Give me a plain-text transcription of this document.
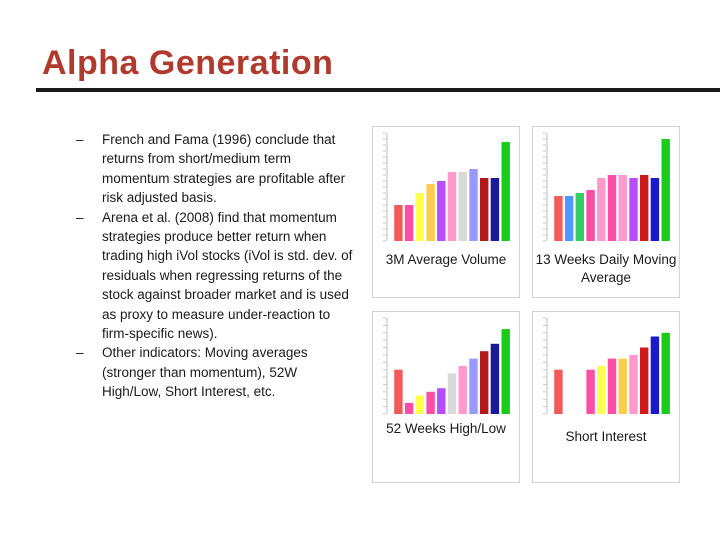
Alpha Generation
– French and Fama (1996) conclude that returns from short/medium term momentum strategies are profitable after risk adjusted basis.
– Arena et al. (2008) find that momentum strategies produce better return when trading high iVol stocks (iVol is std. dev. of residuals when regressing returns of the stock against broader market and is used as proxy to measure under-reaction to firm-specific news).
– Other indicators: Moving averages (stronger than momentum), 52W High/Low, Short Interest, etc.
3M Average Volume	13 Weeks Daily Moving Average
52 Weeks High/Low
Short Interest
